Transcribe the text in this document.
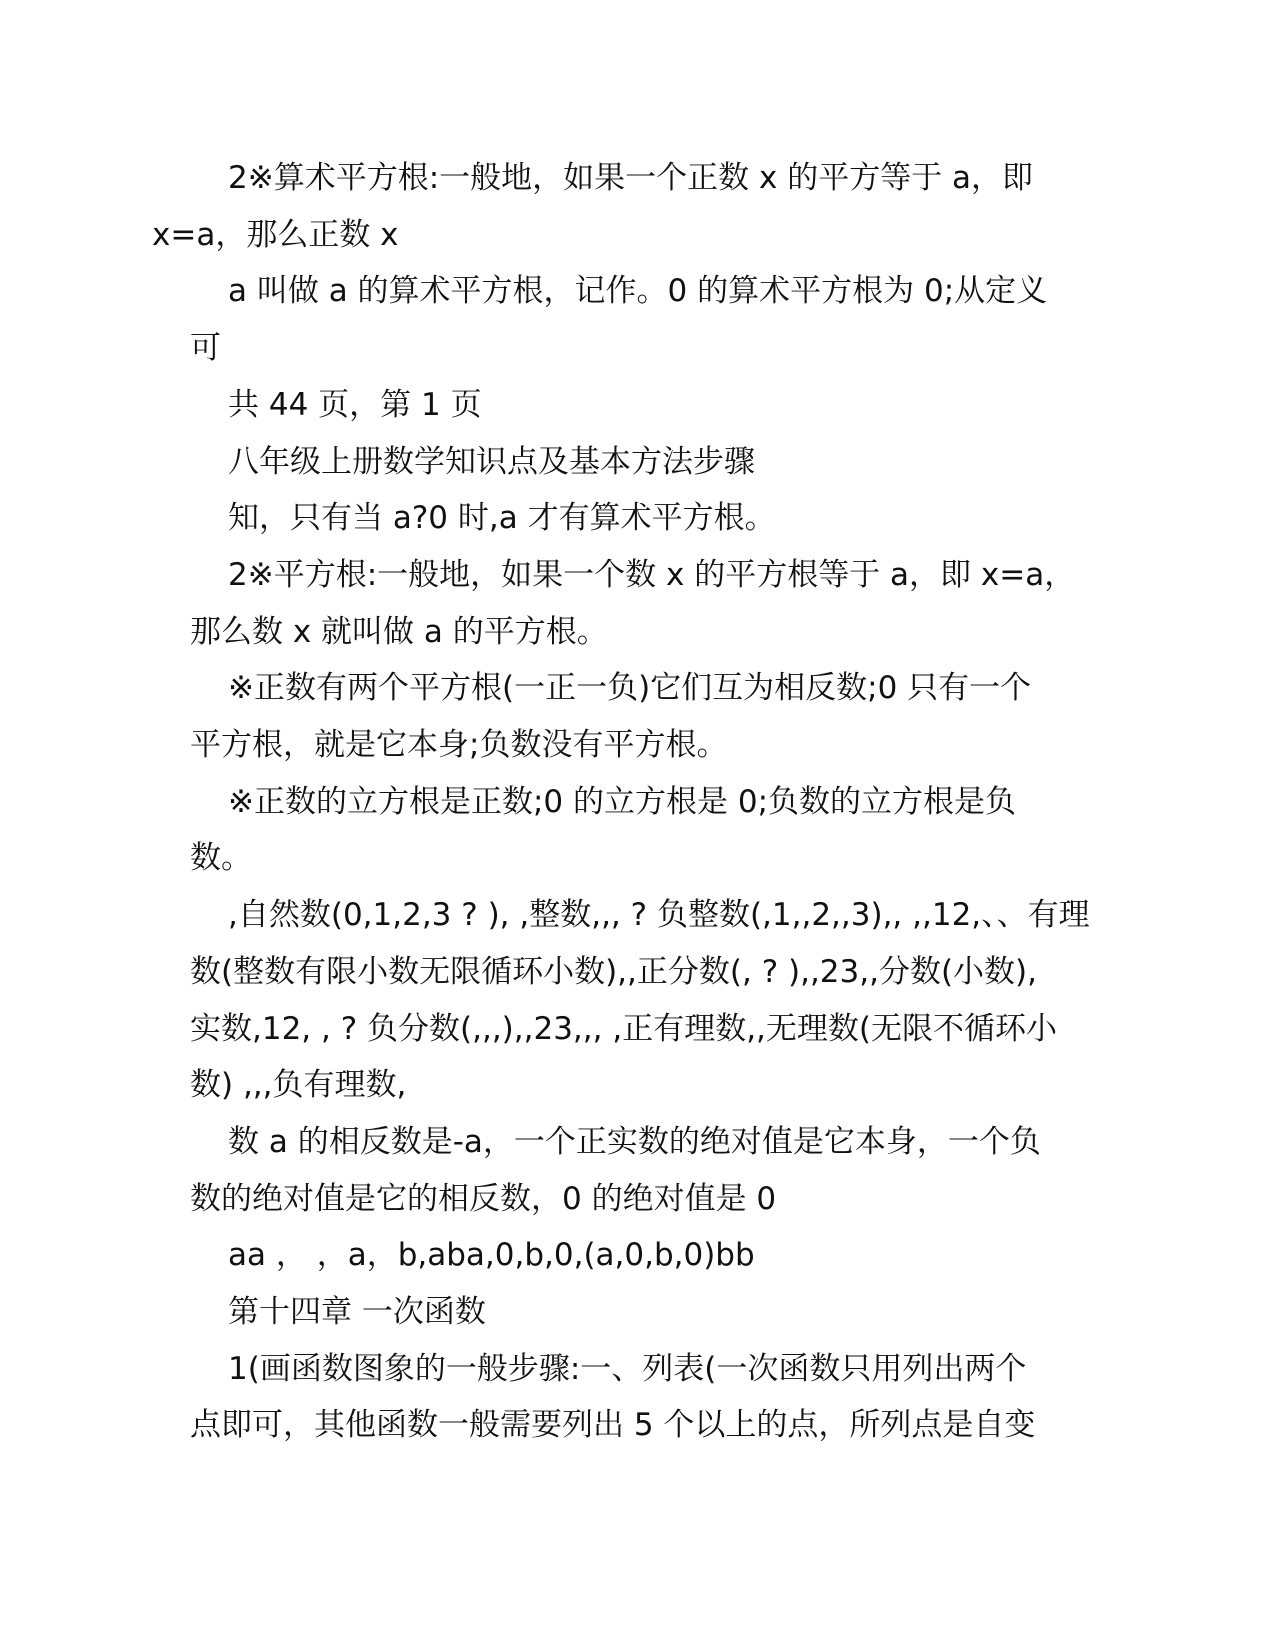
2※算术平方根:一般地，如果一个正数 x 的平方等于 a，即
x=a，那么正数 x

a 叫做 a 的算术平方根，记作。0 的算术平方根为 0;从定义
可

共 44 页，第 1 页

八年级上册数学知识点及基本方法步骤

知，只有当 a?0 时,a 才有算术平方根。

2※平方根:一般地，如果一个数 x 的平方根等于 a，即 x=a，
那么数 x 就叫做 a 的平方根。

※正数有两个平方根(一正一负)它们互为相反数;0 只有一个
平方根，就是它本身;负数没有平方根。

※正数的立方根是正数;0 的立方根是 0;负数的立方根是负
数。

,自然数(0,1,2,3 ? ), ,整数,,, ? 负整数(,1,,2,,3),, ,,12,、、有理
数(整数有限小数无限循环小数),,正分数(, ? ),,23,,分数(小数),
实数,12, , ? 负分数(,,,),,23,,, ,正有理数,,无理数(无限不循环小
数) ,,,负有理数,

数 a 的相反数是-a，一个正实数的绝对值是它本身，一个负
数的绝对值是它的相反数，0 的绝对值是 0

aa ， ，a，b,aba,0,b,0,(a,0,b,0)bb

第十四章 一次函数

1(画函数图象的一般步骤:一、列表(一次函数只用列出两个
点即可，其他函数一般需要列出 5 个以上的点，所列点是自变
